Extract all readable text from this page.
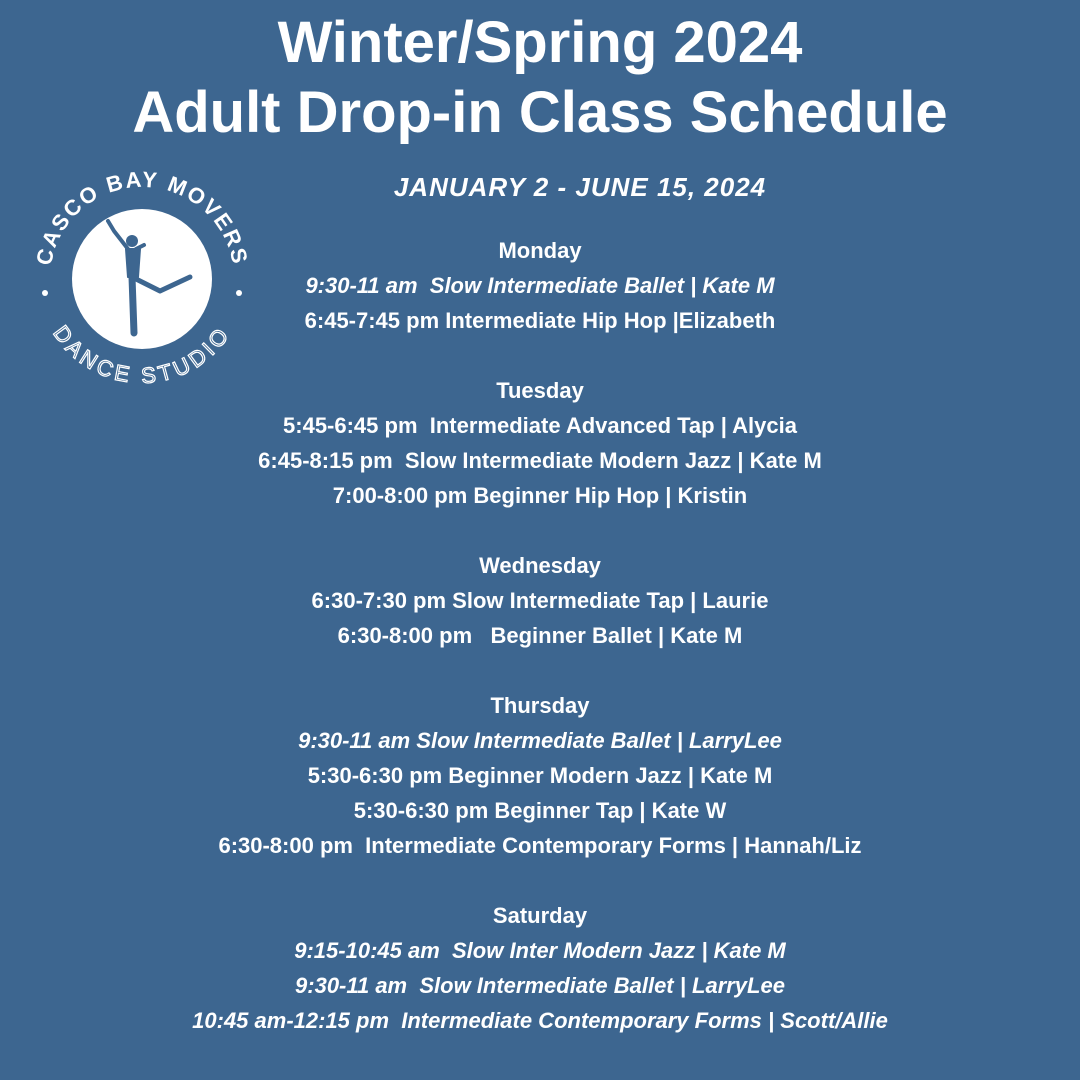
Winter/Spring 2024
Adult Drop-in Class Schedule
CASCO BAY MOVERS
DANCE STUDIO
JANUARY 2 - JUNE 15, 2024
Monday
9:30-11 am  Slow Intermediate Ballet | Kate M
6:45-7:45 pm Intermediate Hip Hop |Elizabeth
Tuesday
5:45-6:45 pm  Intermediate Advanced Tap | Alycia
6:45-8:15 pm  Slow Intermediate Modern Jazz | Kate M
7:00-8:00 pm Beginner Hip Hop | Kristin
Wednesday
6:30-7:30 pm Slow Intermediate Tap | Laurie
6:30-8:00 pm   Beginner Ballet | Kate M
Thursday
9:30-11 am Slow Intermediate Ballet | LarryLee
5:30-6:30 pm Beginner Modern Jazz | Kate M
5:30-6:30 pm Beginner Tap | Kate W
6:30-8:00 pm  Intermediate Contemporary Forms | Hannah/Liz
Saturday
9:15-10:45 am  Slow Inter Modern Jazz | Kate M
9:30-11 am  Slow Intermediate Ballet | LarryLee
10:45 am-12:15 pm  Intermediate Contemporary Forms | Scott/Allie
